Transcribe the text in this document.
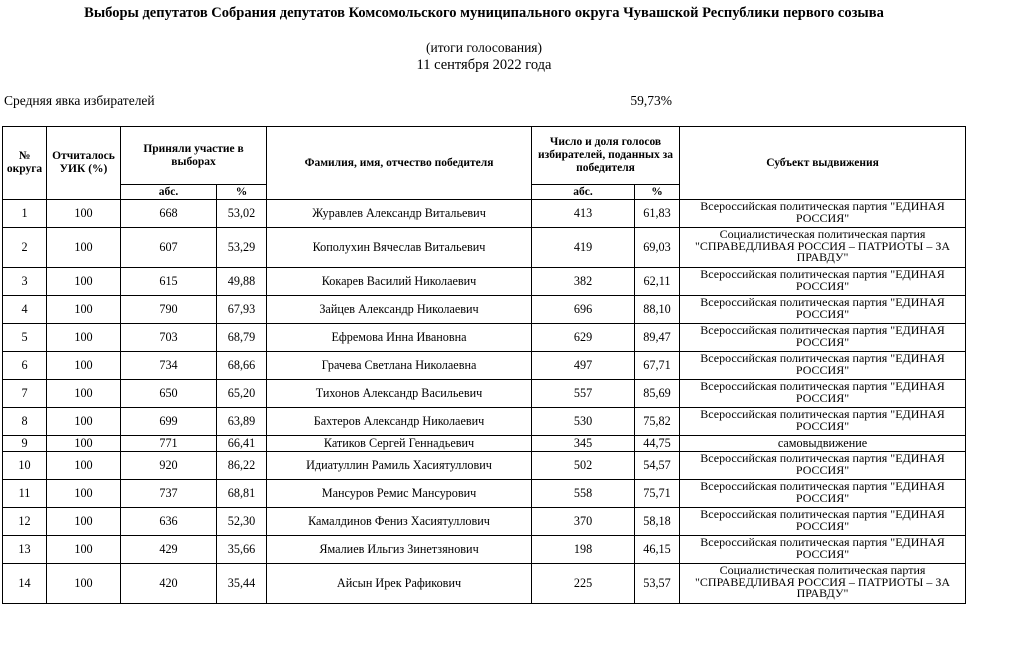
Выборы депутатов Собрания депутатов Комсомольского муниципального округа Чувашской Республики первого созыва
(итоги голосования)
11 сентября 2022 года
Средняя явка избирателей	59,73%
№ округа	Отчиталось УИК (%)	Приняли участие в выборах		Фамилия, имя, отчество победителя	Число и доля голосов избирателей, поданных за победителя		Субъект выдвижения
		абс.	%		абс.	%	
1	100	668	53,02	Журавлев Александр Витальевич	413	61,83	Всероссийская политическая партия "ЕДИНАЯ РОССИЯ"
2	100	607	53,29	Кополухин Вячеслав Витальевич	419	69,03	Социалистическая политическая партия "СПРАВЕДЛИВАЯ РОССИЯ – ПАТРИОТЫ – ЗА ПРАВДУ"
3	100	615	49,88	Кокарев Василий Николаевич	382	62,11	Всероссийская политическая партия "ЕДИНАЯ РОССИЯ"
4	100	790	67,93	Зайцев Александр Николаевич	696	88,10	Всероссийская политическая партия "ЕДИНАЯ РОССИЯ"
5	100	703	68,79	Ефремова Инна Ивановна	629	89,47	Всероссийская политическая партия "ЕДИНАЯ РОССИЯ"
6	100	734	68,66	Грачева Светлана Николаевна	497	67,71	Всероссийская политическая партия "ЕДИНАЯ РОССИЯ"
7	100	650	65,20	Тихонов Александр Васильевич	557	85,69	Всероссийская политическая партия "ЕДИНАЯ РОССИЯ"
8	100	699	63,89	Бахтеров Александр Николаевич	530	75,82	Всероссийская политическая партия "ЕДИНАЯ РОССИЯ"
9	100	771	66,41	Катиков Сергей Геннадьевич	345	44,75	самовыдвижение
10	100	920	86,22	Идиатуллин Рамиль Хасиятуллович	502	54,57	Всероссийская политическая партия "ЕДИНАЯ РОССИЯ"
11	100	737	68,81	Мансуров Ремис Мансурович	558	75,71	Всероссийская политическая партия "ЕДИНАЯ РОССИЯ"
12	100	636	52,30	Камалдинов Фениз Хасиятуллович	370	58,18	Всероссийская политическая партия "ЕДИНАЯ РОССИЯ"
13	100	429	35,66	Ямалиев Ильгиз Зинетзянович	198	46,15	Всероссийская политическая партия "ЕДИНАЯ РОССИЯ"
14	100	420	35,44	Айсын Ирек Рафикович	225	53,57	Социалистическая политическая партия "СПРАВЕДЛИВАЯ РОССИЯ – ПАТРИОТЫ – ЗА ПРАВДУ"
